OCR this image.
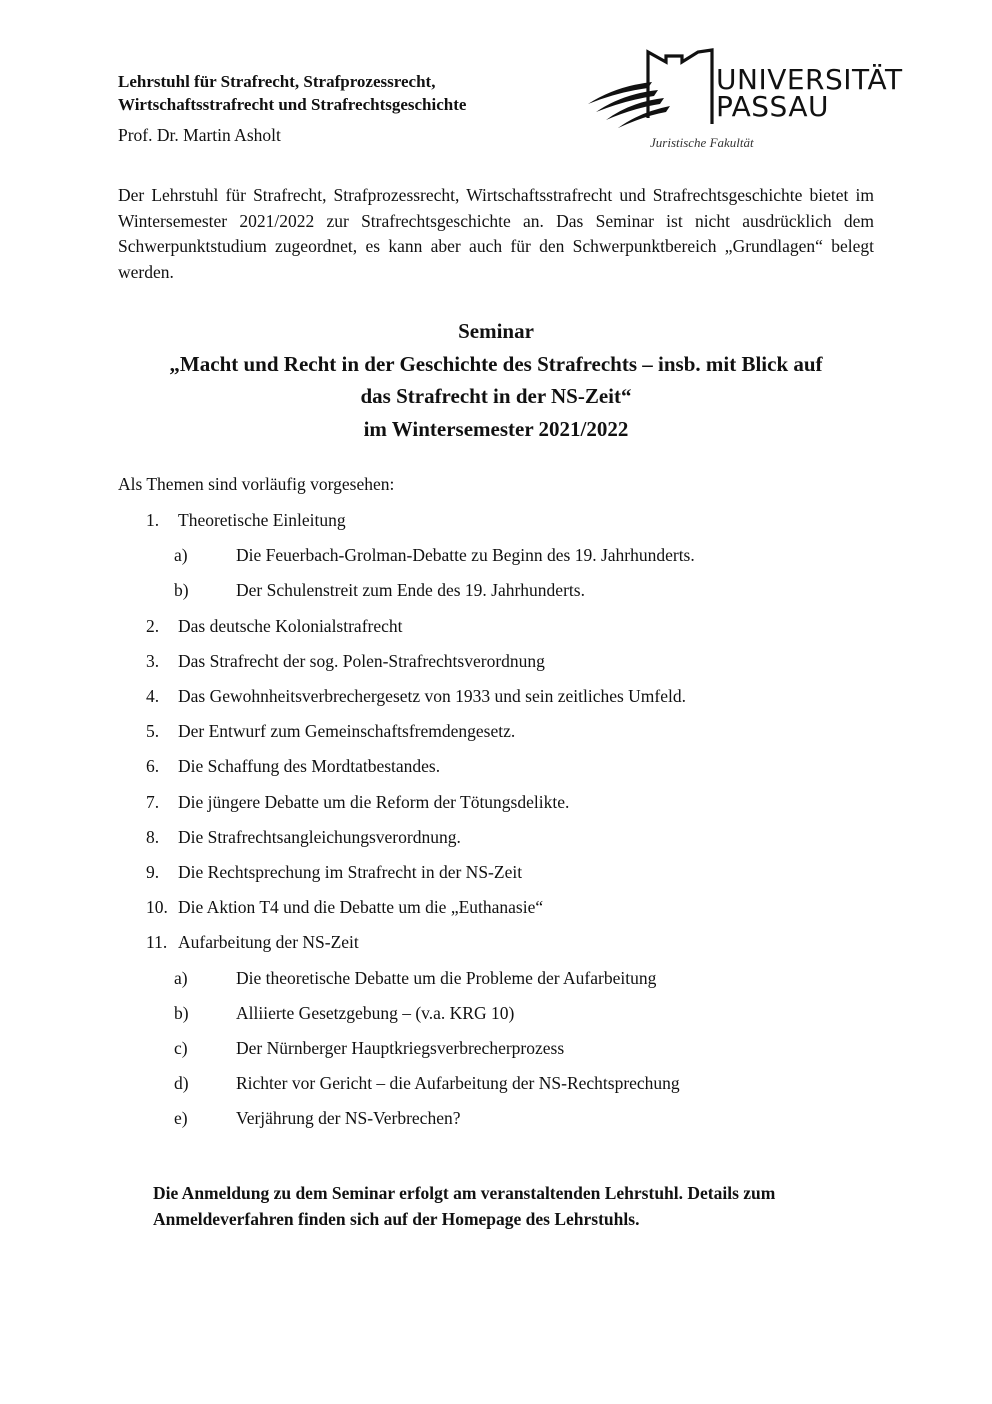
Lehrstuhl für Strafrecht, Strafprozessrecht,
Wirtschaftsstrafrecht und Strafrechtsgeschichte
Prof. Dr. Martin Asholt
UNIVERSITÄT
PASSAU
Juristische Fakultät
Der Lehrstuhl für Strafrecht, Strafprozessrecht, Wirtschaftsstrafrecht und Strafrechtsgeschichte bietet im Wintersemester 2021/2022 zur Strafrechtsgeschichte an. Das Seminar ist nicht ausdrücklich dem Schwerpunktstudium zugeordnet, es kann aber auch für den Schwerpunktbereich „Grundlagen“ belegt werden.
Seminar
„Macht und Recht in der Geschichte des Strafrechts – insb. mit Blick auf
das Strafrecht in der NS-Zeit“
im Wintersemester 2021/2022
Als Themen sind vorläufig vorgesehen:
1. Theoretische Einleitung
a)	Die Feuerbach-Grolman-Debatte zu Beginn des 19. Jahrhunderts.
b)	Der Schulenstreit zum Ende des 19. Jahrhunderts.
2. Das deutsche Kolonialstrafrecht
3. Das Strafrecht der sog. Polen-Strafrechtsverordnung
4. Das Gewohnheitsverbrechergesetz von 1933 und sein zeitliches Umfeld.
5. Der Entwurf zum Gemeinschaftsfremdengesetz.
6. Die Schaffung des Mordtatbestandes.
7. Die jüngere Debatte um die Reform der Tötungsdelikte.
8. Die Strafrechtsangleichungsverordnung.
9. Die Rechtsprechung im Strafrecht in der NS-Zeit
10. Die Aktion T4 und die Debatte um die „Euthanasie“
11. Aufarbeitung der NS-Zeit
a)	Die theoretische Debatte um die Probleme der Aufarbeitung
b)	Alliierte Gesetzgebung – (v.a. KRG 10)
c)	Der Nürnberger Hauptkriegsverbrecherprozess
d)	Richter vor Gericht – die Aufarbeitung der NS-Rechtsprechung
e)	Verjährung der NS-Verbrechen?
Die Anmeldung zu dem Seminar erfolgt am veranstaltenden Lehrstuhl. Details zum Anmeldeverfahren finden sich auf der Homepage des Lehrstuhls.
